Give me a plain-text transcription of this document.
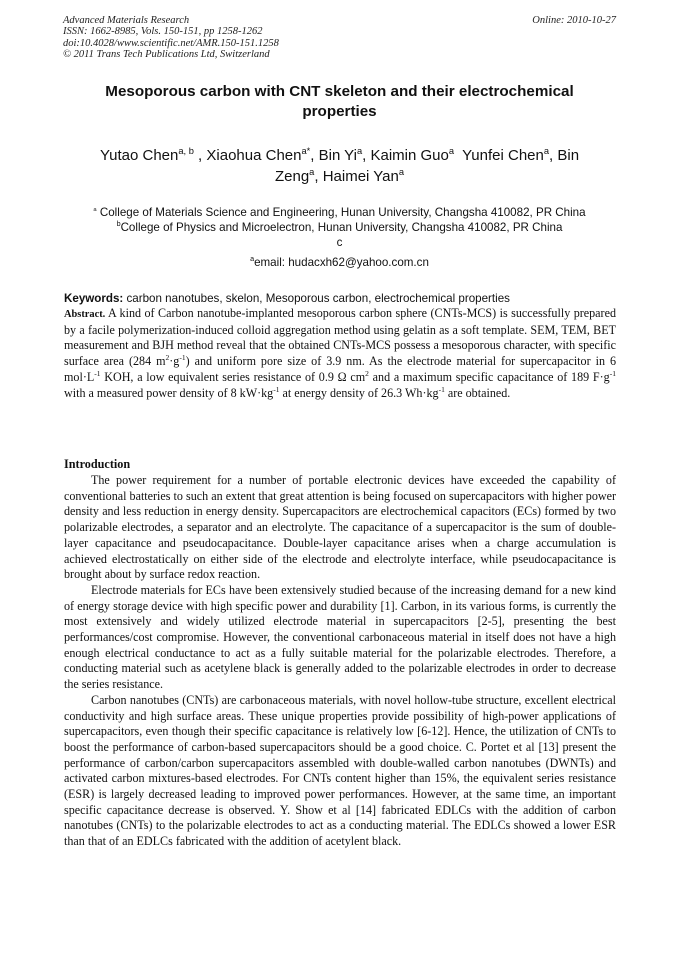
Advanced Materials Research
ISSN: 1662-8985, Vols. 150-151, pp 1258-1262
doi:10.4028/www.scientific.net/AMR.150-151.1258
© 2011 Trans Tech Publications Ltd, Switzerland
Online: 2010-10-27
Mesoporous carbon with CNT skeleton and their electrochemical
properties
Yutao Chen$^{a, b}$ , Xiaohua Chen$^{a*}$, Bin Yi$^a$, Kaimin Guo$^a$ Yunfei Chen$^a$, Bin
Zeng$^a$, Haimei Yan$^a$
$^a$ College of Materials Science and Engineering, Hunan University, Changsha 410082, PR China
$^b$College of Physics and Microelectron, Hunan University, Changsha 410082, PR China
c
$^a$email: hudacxh62@yahoo.com.cn
Keywords: carbon nanotubes, skelon, Mesoporous carbon, electrochemical properties
Abstract. A kind of Carbon nanotube-implanted mesoporous carbon sphere (CNTs-MCS) is successfully prepared by a facile polymerization-induced colloid aggregation method using gelatin as a soft template. SEM, TEM, BET measurement and BJH method reveal that the obtained CNTs-MCS possess a mesoporous character, with specific surface area (284 $m^2\cdot g^{-1}$) and uniform pore size of 3.9 nm. As the electrode material for supercapacitor in 6 $mol\cdot L^{-1}$ KOH, a low equivalent series resistance of 0.9 Ω $cm^2$ and a maximum specific capacitance of 189 $F\cdot g^{-1}$ with a measured power density of 8 $kW\cdot kg^{-1}$ at energy density of 26.3 $Wh\cdot kg^{-1}$ are obtained.
Introduction

The power requirement for a number of portable electronic devices have exceeded the capability of conventional batteries to such an extent that great attention is being focused on supercapacitors with higher power density and less reduction in energy density. Supercapacitors are electrochemical capacitors (ECs) formed by two polarizable electrodes, a separator and an electrolyte. The capacitance of a supercapacitor is the sum of double-layer capacitance and pseudocapacitance. Double-layer capacitance arises when a charge accumulation is achieved electrostatically on either side of the electrode and electrolyte interface, while pseudocapacitance is brought about by surface redox reaction.

Electrode materials for ECs have been extensively studied because of the increasing demand for a new kind of energy storage device with high specific power and durability [1]. Carbon, in its various forms, is currently the most extensively and widely utilized electrode material in supercapacitors [2-5], presenting the best performances/cost compromise. However, the conventional carbonaceous material in itself does not have a high enough electrical conductance to act as a fully suitable material for the polarizable electrodes. Therefore, a conducting material such as acetylene black is generally added to the polarizable electrodes in order to decrease the series resistance.

Carbon nanotubes (CNTs) are carbonaceous materials, with novel hollow-tube structure, excellent electrical conductivity and high surface areas. These unique properties provide possibility of high-power applications of supercapacitors, even though their specific capacitance is relatively low [6-12]. Hence, the utilization of CNTs to boost the performance of carbon-based supercapacitors should be a good choice. C. Portet et al [13] present the performance of carbon/carbon supercapacitors assembled with double-walled carbon nanotubes (DWNTs) and activated carbon mixtures-based electrodes. For CNTs content higher than 15%, the equivalent series resistance (ESR) is largely decreased leading to improved power performances. However, at the same time, an important specific capacitance decrease is observed. Y. Show et al [14] fabricated EDLCs with the addition of carbon nanotubes (CNTs) to the polarizable electrodes to act as a conducting material. The EDLCs showed a lower ESR than that of an EDLCs fabricated with the addition of acetylent black.
